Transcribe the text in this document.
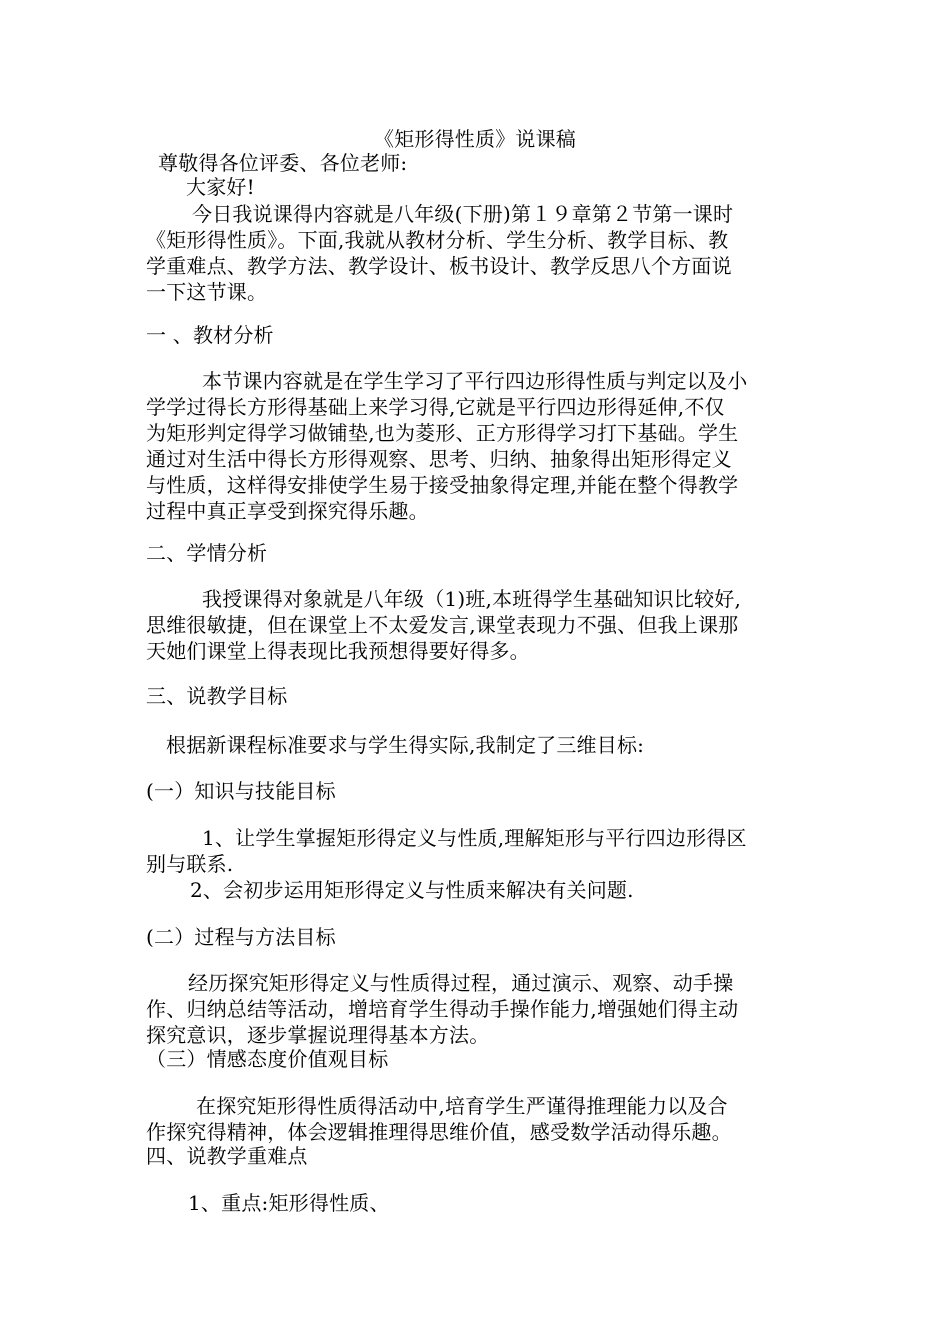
《矩形得性质》说课稿
尊敬得各位评委、各位老师:
大家好!
今日我说课得内容就是八年级(下册)第１９章第２节第一课时
《矩形得性质》。下面,我就从教材分析、学生分析、教学目标、教
学重难点、教学方法、教学设计、板书设计、教学反思八个方面说
一下这节课。
一 、教材分析
本节课内容就是在学生学习了平行四边形得性质与判定以及小
学学过得长方形得基础上来学习得,它就是平行四边形得延伸,不仅
为矩形判定得学习做铺垫,也为菱形、正方形得学习打下基础。学生
通过对生活中得长方形得观察、思考、归纳、抽象得出矩形得定义
与性质，这样得安排使学生易于接受抽象得定理,并能在整个得教学
过程中真正享受到探究得乐趣。
二、学情分析
我授课得对象就是八年级（1)班,本班得学生基础知识比较好,
思维很敏捷，但在课堂上不太爱发言,课堂表现力不强、但我上课那
天她们课堂上得表现比我预想得要好得多。
三、说教学目标
根据新课程标准要求与学生得实际,我制定了三维目标:
(一）知识与技能目标
1、让学生掌握矩形得定义与性质,理解矩形与平行四边形得区
别与联系.
2、会初步运用矩形得定义与性质来解决有关问题.
(二）过程与方法目标
经历探究矩形得定义与性质得过程，通过演示、观察、动手操
作、归纳总结等活动，增培育学生得动手操作能力,增强她们得主动
探究意识，逐步掌握说理得基本方法。
（三）情感态度价值观目标
在探究矩形得性质得活动中,培育学生严谨得推理能力以及合
作探究得精神，体会逻辑推理得思维价值，感受数学活动得乐趣。
四、说教学重难点
1、重点:矩形得性质、
